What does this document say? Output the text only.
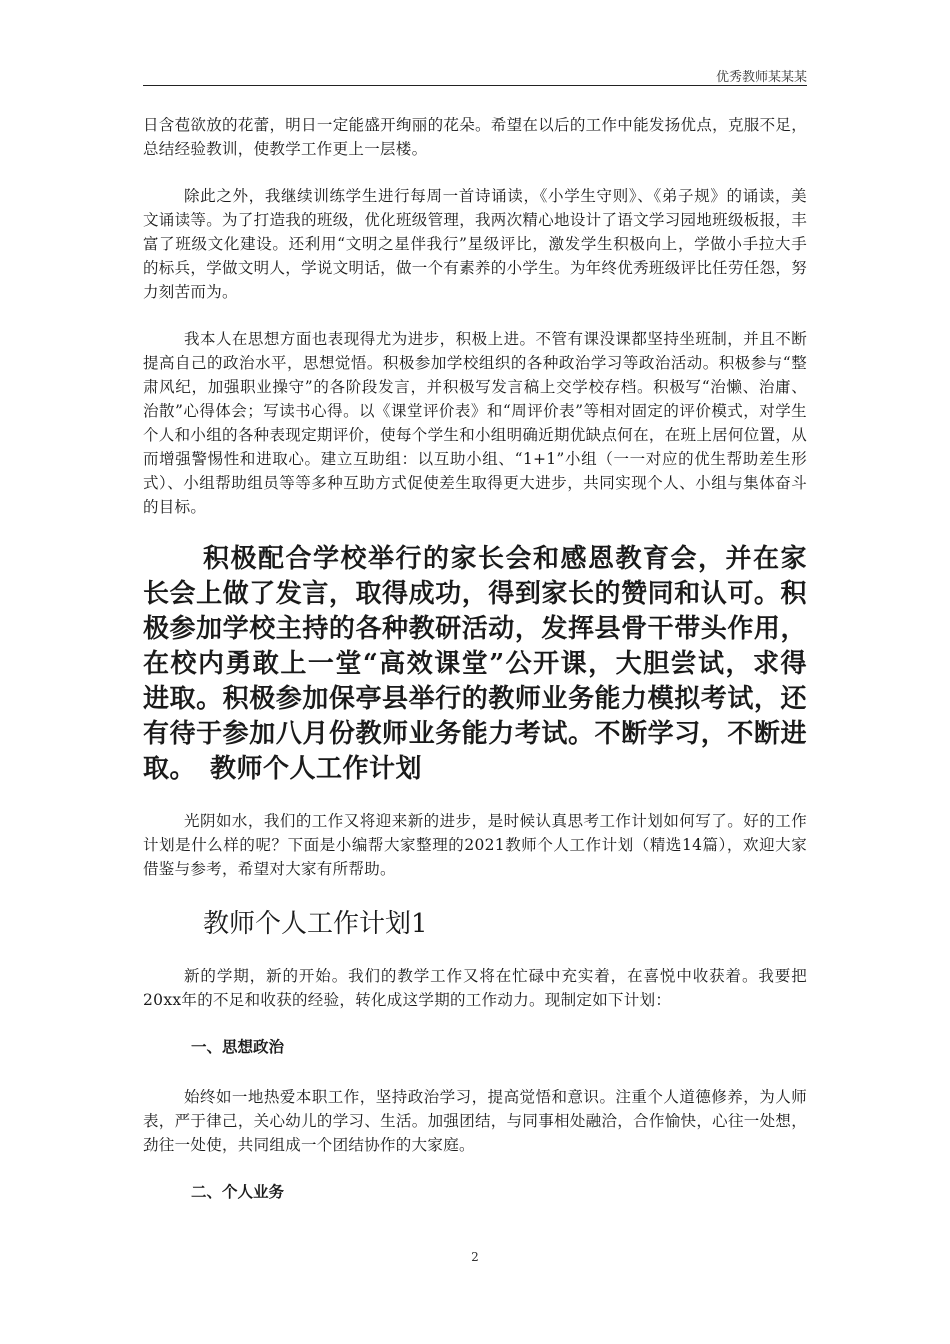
优秀教师某某某

日含苞欲放的花蕾，明日一定能盛开绚丽的花朵。希望在以后的工作中能发扬优点，克服不足，总结经验教训，使教学工作更上一层楼。

除此之外，我继续训练学生进行每周一首诗诵读，《小学生守则》、《弟子规》的诵读，美文诵读等。为了打造我的班级，优化班级管理，我两次精心地设计了语文学习园地班级板报，丰富了班级文化建设。还利用“文明之星伴我行”星级评比，激发学生积极向上，学做小手拉大手的标兵，学做文明人，学说文明话，做一个有素养的小学生。为年终优秀班级评比任劳任怨，努力刻苦而为。

我本人在思想方面也表现得尤为进步，积极上进。不管有课没课都坚持坐班制，并且不断提高自己的政治水平，思想觉悟。积极参加学校组织的各种政治学习等政治活动。积极参与“整肃风纪，加强职业操守”的各阶段发言，并积极写发言稿上交学校存档。积极写“治懒、治庸、治散”心得体会；写读书心得。以《课堂评价表》和“周评价表”等相对固定的评价模式，对学生个人和小组的各种表现定期评价，使每个学生和小组明确近期优缺点何在，在班上居何位置，从而增强警惕性和进取心。建立互助组：以互助小组、“1+1”小组（一一对应的优生帮助差生形式）、小组帮助组员等等多种互助方式促使差生取得更大进步，共同实现个人、小组与集体奋斗的目标。

积极配合学校举行的家长会和感恩教育会，并在家长会上做了发言，取得成功，得到家长的赞同和认可。积极参加学校主持的各种教研活动，发挥县骨干带头作用，在校内勇敢上一堂“高效课堂”公开课，大胆尝试，求得进取。积极参加保亭县举行的教师业务能力模拟考试，还有待于参加八月份教师业务能力考试。不断学习，不断进取。 教师个人工作计划

光阴如水，我们的工作又将迎来新的进步，是时候认真思考工作计划如何写了。好的工作计划是什么样的呢？下面是小编帮大家整理的2021教师个人工作计划（精选14篇），欢迎大家借鉴与参考，希望对大家有所帮助。

教师个人工作计划1

新的学期，新的开始。我们的教学工作又将在忙碌中充实着，在喜悦中收获着。我要把20xx年的不足和收获的经验，转化成这学期的工作动力。现制定如下计划：

一、思想政治

始终如一地热爱本职工作，坚持政治学习，提高觉悟和意识。注重个人道德修养，为人师表，严于律己，关心幼儿的学习、生活。加强团结，与同事相处融洽，合作愉快，心往一处想，劲往一处使，共同组成一个团结协作的大家庭。

二、个人业务
2
